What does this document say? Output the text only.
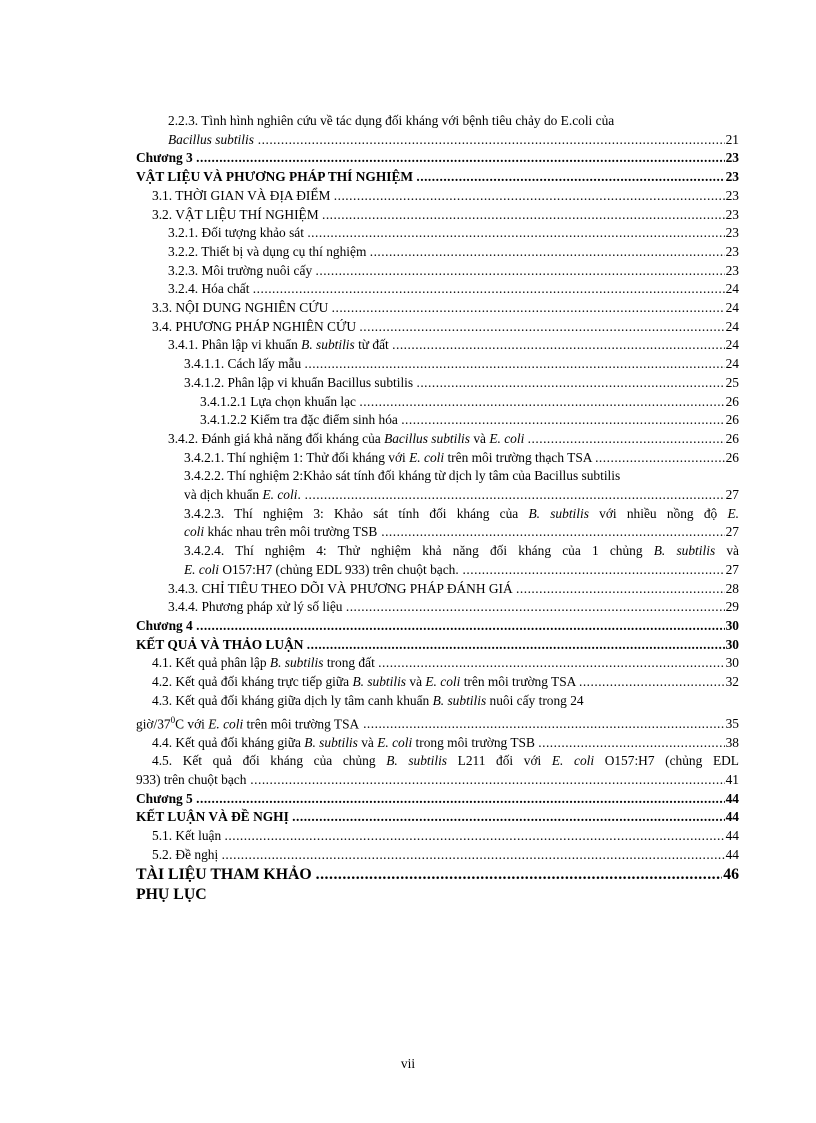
2.2.3. Tình hình nghiên cứu về tác dụng đối kháng với bệnh tiêu chảy do E.coli của
Bacillus subtilis .....	21
Chương 3	23
.....
VẬT LIỆU VÀ PHƯƠNG PHÁP THÍ NGHIỆM	23
.....
3.1. THỜI GIAN VÀ ĐỊA ĐIỂM	23
.....
3.2. VẬT LIỆU THÍ NGHIỆM	23
.....
3.2.1. Đối tượng khảo sát	23
.....
3.2.2. Thiết bị và dụng cụ thí nghiệm	23
.....
3.2.3. Môi trường nuôi cấy	23
.....
3.2.4. Hóa chất	24
.....
3.3. NỘI DUNG NGHIÊN CỨU	24
.....
3.4. PHƯƠNG PHÁP NGHIÊN CỨU	24
.....
3.4.1. Phân lập vi khuẩn B. subtilis từ đất	24
.....
3.4.1.1. Cách lấy mẫu	24
.....
3.4.1.2. Phân lập vi khuẩn Bacillus subtilis	25
.....
3.4.1.2.1 Lựa chọn khuẩn lạc	26
.....
3.4.1.2.2 Kiểm tra đặc điểm sinh hóa	26
.....
3.4.2. Đánh giá khả năng đối kháng của Bacillus subtilis và E. coli	26
.....
3.4.2.1. Thí nghiệm 1: Thử đối kháng với E. coli trên môi trường thạch TSA	26
.....
3.4.2.2. Thí nghiệm 2:Khảo sát tính đối kháng từ dịch ly tâm của Bacillus subtilis
và dịch khuẩn E. coli. .....	27
3.4.2.3. Thí nghiệm 3: Khảo sát tính đối kháng của B. subtilis với nhiều nồng độ E.
coli khác nhau trên môi trường TSB .....	27
3.4.2.4. Thí nghiệm 4: Thử nghiệm khả năng đối kháng của 1 chủng B. subtilis và
E. coli O157:H7 (chủng EDL 933) trên chuột bạch. .....	27
3.4.3. CHỈ TIÊU THEO DÕI VÀ PHƯƠNG PHÁP ĐÁNH GIÁ	28
.....
3.4.4. Phương pháp xử lý số liệu	29
.....
Chương 4	30
.....
KẾT QUẢ VÀ THẢO LUẬN	30
.....
4.1. Kết quả phân lập B. subtilis trong đất	30
.....
4.2. Kết quả đối kháng trực tiếp giữa B. subtilis và E. coli trên môi trường TSA	32
.....
4.3. Kết quả đối kháng giữa dịch ly tâm canh khuẩn B. subtilis nuôi cấy trong 24
giờ/$37^0C$ với E. coli trên môi trường TSA .....	35
4.4. Kết quả đối kháng giữa B. subtilis và E. coli trong môi trường TSB	38
.....
4.5. Kết quả đối kháng của chủng B. subtilis L211 đối với E. coli O157:H7 (chủng EDL
933) trên chuột bạch .....	41
Chương 5	44
.....
KẾT LUẬN VÀ ĐỀ NGHỊ	44
.....
5.1. Kết luận	44
.....
5.2. Đề nghị	44
.....
TÀI LIỆU THAM KHẢO	46
.....
PHỤ LỤC
vii
